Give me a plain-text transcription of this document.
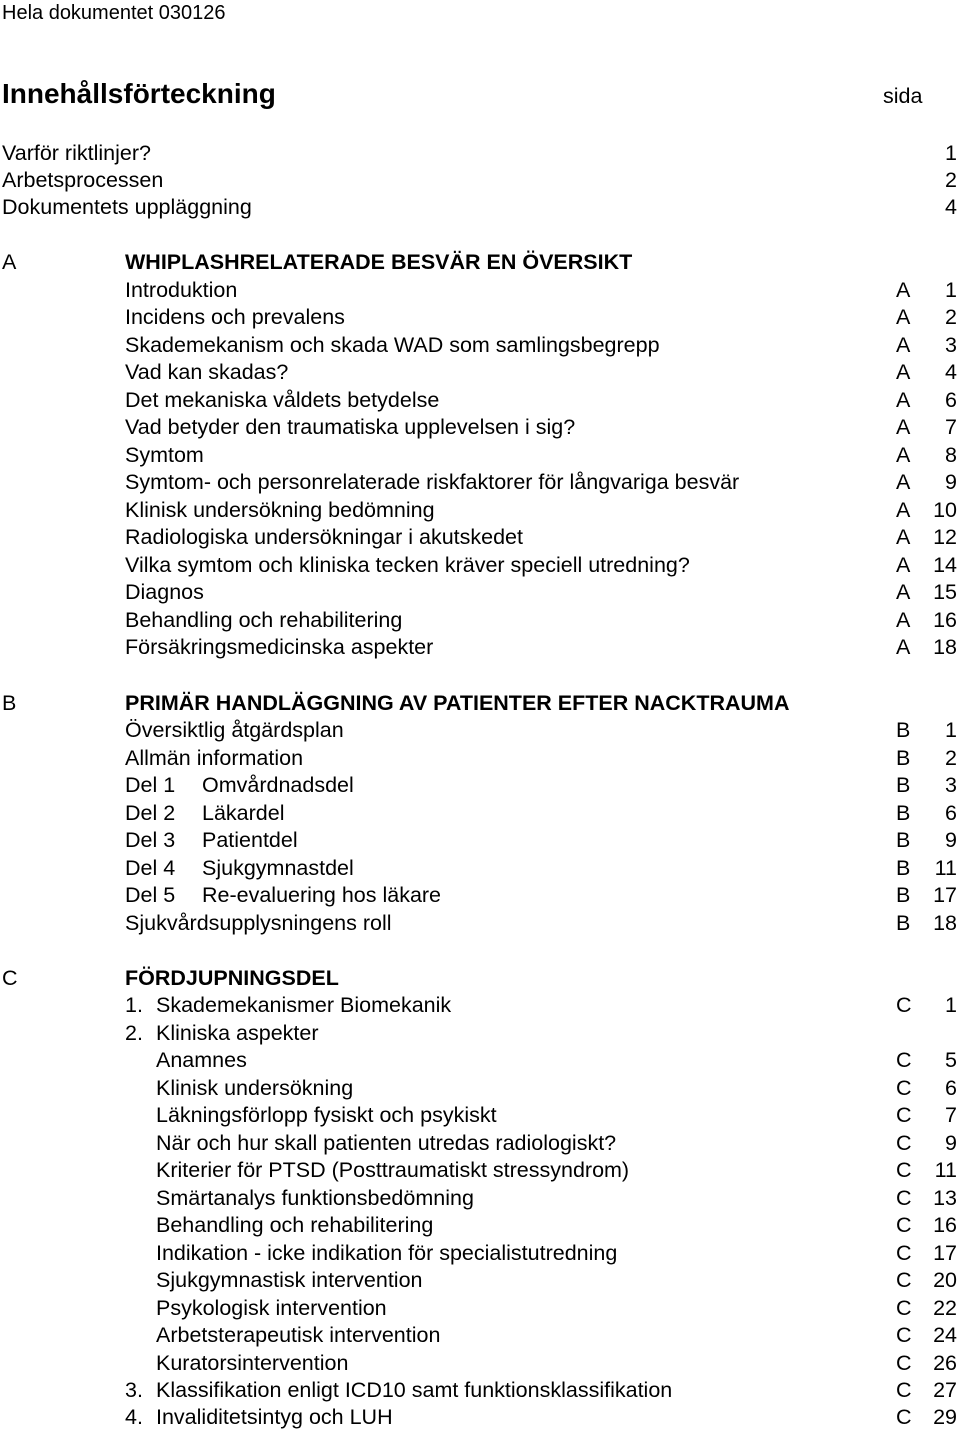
Hela dokumentet 030126
Innehållsförteckning	sida
Varför riktlinjer?	1
Arbetsprocessen	2
Dokumentets uppläggning	4
A	WHIPLASHRELATERADE BESVÄR EN ÖVERSIKT
Introduktion	A 1
Incidens och prevalens	A 2
Skademekanism och skada WAD som samlingsbegrepp	A 3
Vad kan skadas?	A 4
Det mekaniska våldets betydelse	A 6
Vad betyder den traumatiska upplevelsen i sig?	A 7
Symtom	A 8
Symtom- och personrelaterade riskfaktorer för långvariga besvär	A 9
Klinisk undersökning bedömning	A 10
Radiologiska undersökningar i akutskedet	A 12
Vilka symtom och kliniska tecken kräver speciell utredning?	A 14
Diagnos	A 15
Behandling och rehabilitering	A 16
Försäkringsmedicinska aspekter	A 18
B	PRIMÄR HANDLÄGGNING AV PATIENTER EFTER NACKTRAUMA
Översiktlig åtgärdsplan	B 1
Allmän information	B 2
Del 1 Omvårdnadsdel	B 3
Del 2 Läkardel	B 6
Del 3 Patientdel	B 9
Del 4 Sjukgymnastdel	B 11
Del 5 Re-evaluering hos läkare	B 17
Sjukvårdsupplysningens roll	B 18
C	FÖRDJUPNINGSDEL
1. Skademekanismer Biomekanik	C 1
2. Kliniska aspekter
Anamnes	C 5
Klinisk undersökning	C 6
Läkningsförlopp fysiskt och psykiskt	C 7
När och hur skall patienten utredas radiologiskt?	C 9
Kriterier för PTSD (Posttraumatiskt stressyndrom)	C 11
Smärtanalys funktionsbedömning	C 13
Behandling och rehabilitering	C 16
Indikation - icke indikation för specialistutredning	C 17
Sjukgymnastisk intervention	C 20
Psykologisk intervention	C 22
Arbetsterapeutisk intervention	C 24
Kuratorsintervention	C 26
3. Klassifikation enligt ICD10 samt funktionsklassifikation	C 27
4. Invaliditetsintyg och LUH	C 29
